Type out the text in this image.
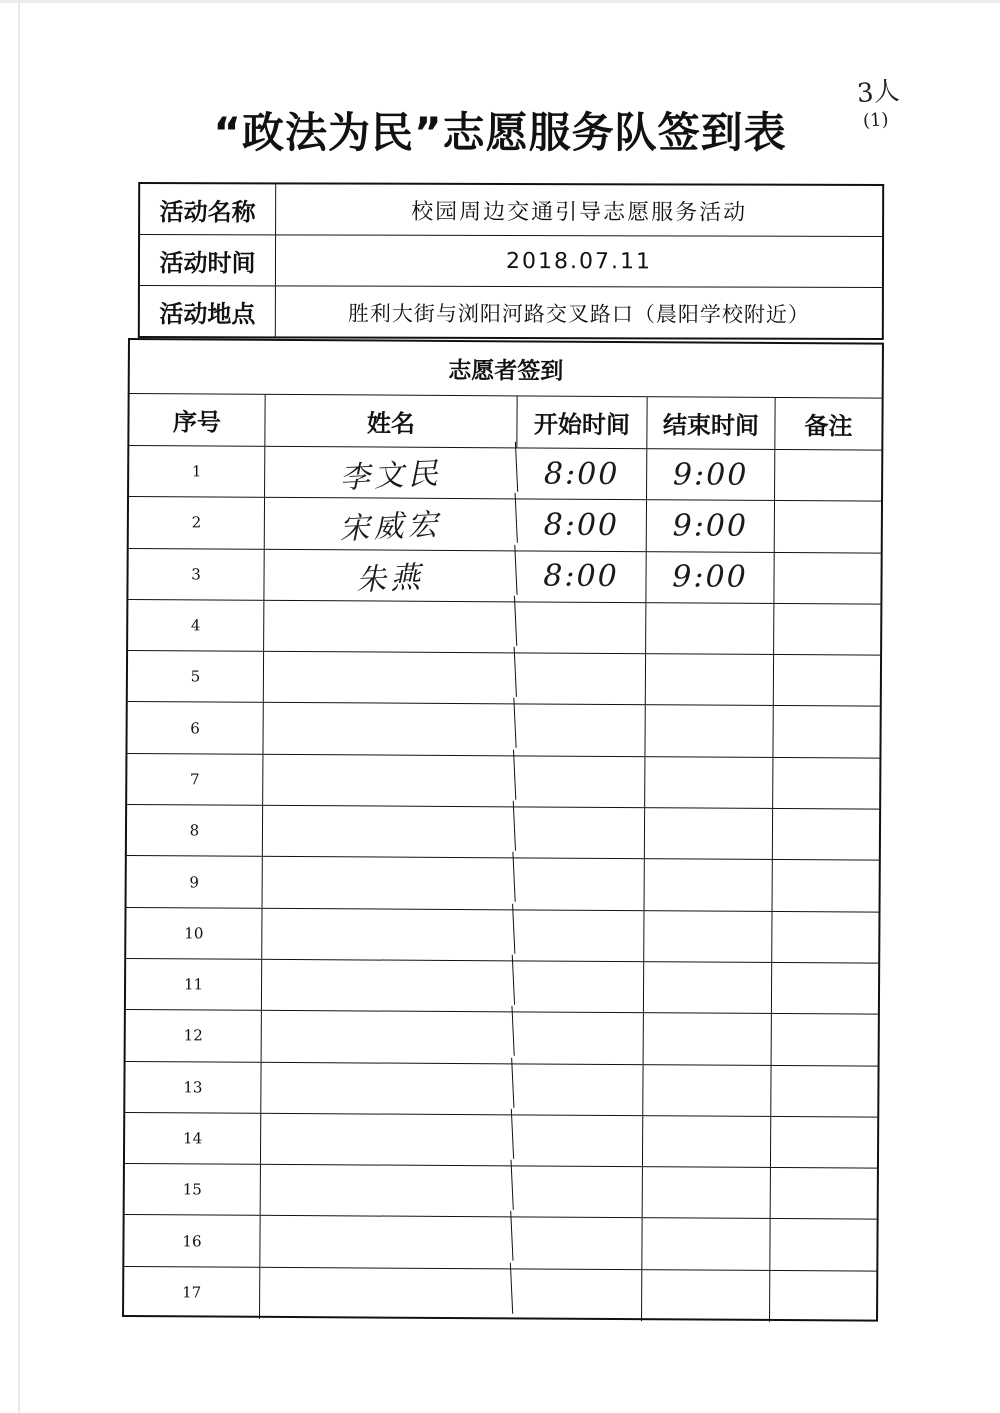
“政法为民”志愿服务队签到表
3人
(1)
活动名称	校园周边交通引导志愿服务活动
活动时间	2018.07.11
活动地点	胜利大街与浏阳河路交叉路口（晨阳学校附近）
志愿者签到
序号	姓名	开始时间	结束时间	备注
1	李文民	8:00	9:00
2	宋威宏	8:00	9:00
3	朱燕	8:00	9:00
4
5
6
7
8
9
10
11
12
13
14
15
16
17
